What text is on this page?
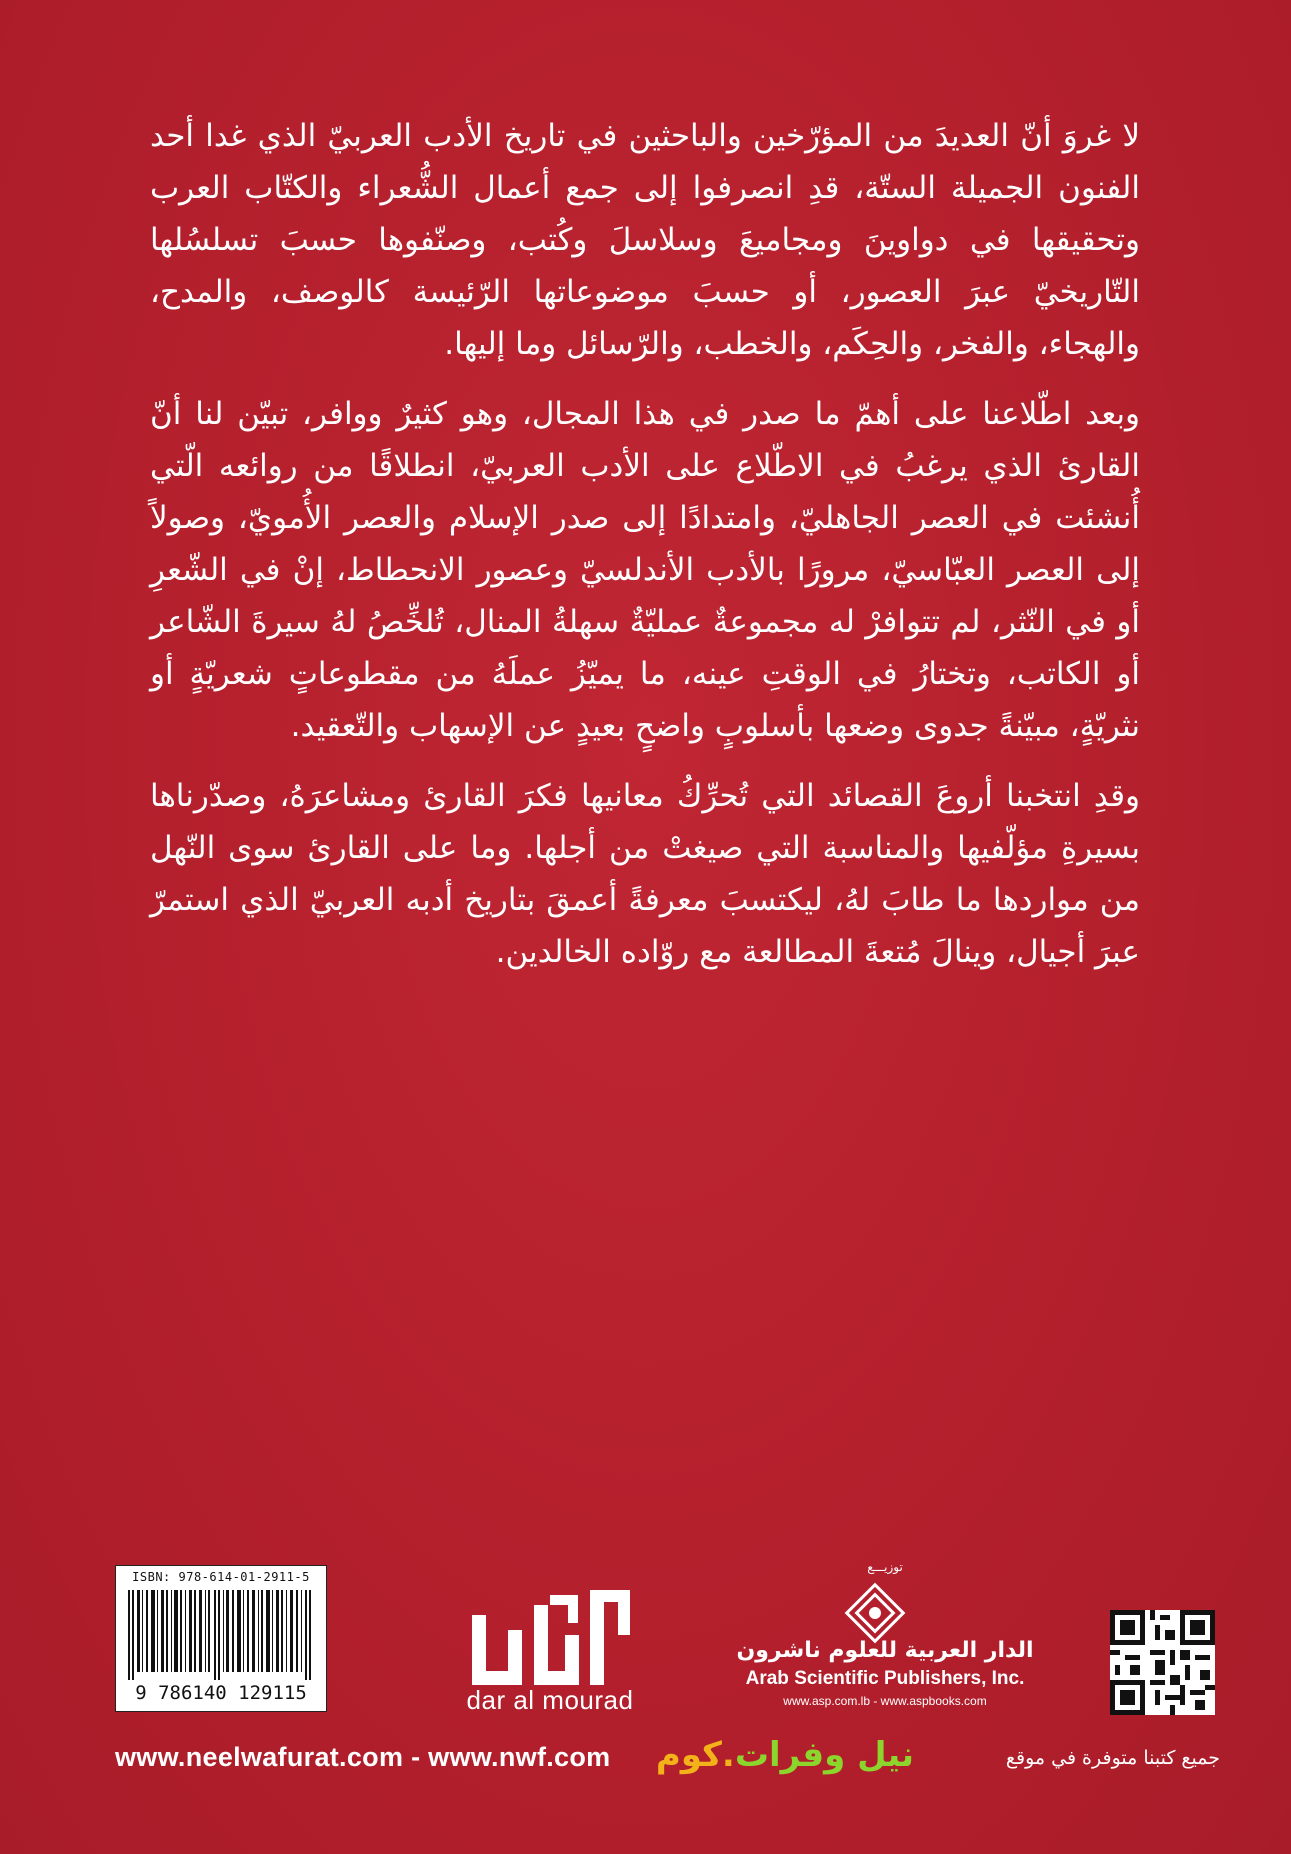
لا غروَ أنّ العديدَ من المؤرّخين والباحثين في تاريخ الأدب العربيّ الذي غدا أحد الفنون الجميلة الستّة، قدِ انصرفوا إلى جمع أعمال الشُّعراء والكتّاب العرب وتحقيقها في دواوينَ ومجاميعَ وسلاسلَ وكُتب، وصنّفوها حسبَ تسلسُلها التّاريخيّ عبرَ العصور، أو حسبَ موضوعاتها الرّئيسة كالوصف، والمدح، والهجاء، والفخر، والحِكَم، والخطب، والرّسائل وما إليها.

وبعد اطّلاعنا على أهمّ ما صدر في هذا المجال، وهو كثيرٌ ووافر، تبيّن لنا أنّ القارئ الذي يرغبُ في الاطّلاع على الأدب العربيّ، انطلاقًا من روائعه الّتي أُنشئت في العصر الجاهليّ، وامتدادًا إلى صدر الإسلام والعصر الأُمويّ، وصولاً إلى العصر العبّاسيّ، مرورًا بالأدب الأندلسيّ وعصور الانحطاط، إنْ في الشّعرِ أو في النّثر، لم تتوافرْ له مجموعةٌ عمليّةٌ سهلةُ المنال، تُلخِّصُ لهُ سيرةَ الشّاعر أو الكاتب، وتختارُ في الوقتِ عينه، ما يميّزُ عملَهُ من مقطوعاتٍ شعريّةٍ أو نثريّةٍ، مبيّنةً جدوى وضعها بأسلوبٍ واضحٍ بعيدٍ عن الإسهاب والتّعقيد.

وقدِ انتخبنا أروعَ القصائد التي تُحرِّكُ معانيها فكرَ القارئ ومشاعرَهُ، وصدّرناها بسيرةِ مؤلّفيها والمناسبة التي صيغتْ من أجلها. وما على القارئ سوى النّهل من مواردها ما طابَ لهُ، ليكتسبَ معرفةً أعمقَ بتاريخ أدبه العربيّ الذي استمرّ عبرَ أجيال، وينالَ مُتعةَ المطالعة مع روّاده الخالدين.

ISBN: 978-614-01-2911-5
9 786140 129115	dar al mourad
توزيـــع
الدار العربية للعلوم ناشرون
Arab Scientific Publishers, Inc.
www.asp.com.lb - www.aspbooks.com
www.neelwafurat.com - www.nwf.com	نيل وفرات.كوم	جميع كتبنا متوفرة في موقع
